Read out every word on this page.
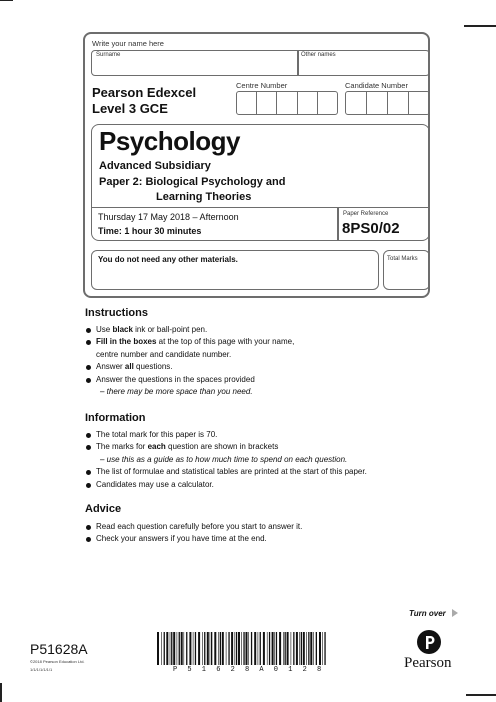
Write your name here
Surname	Other names
Pearson Edexcel
Level 3 GCE
Centre Number	Candidate Number
Psychology
Advanced Subsidiary
Paper 2: Biological Psychology and
Learning Theories
Thursday 17 May 2018 – Afternoon
Time: 1 hour 30 minutes
Paper Reference
8PS0/02
You do not need any other materials.	Total Marks
Instructions
Use black ink or ball-point pen.
Fill in the boxes at the top of this page with your name,
centre number and candidate number.
Answer all questions.
Answer the questions in the spaces provided
– there may be more space than you need.
Information
The total mark for this paper is 70.
The marks for each question are shown in brackets
– use this as a guide as to how much time to spend on each question.
The list of formulae and statistical tables are printed at the start of this paper.
Candidates may use a calculator.
Advice
Read each question carefully before you start to answer it.
Check your answers if you have time at the end.
Turn over
P51628A
©2018 Pearson Education Ltd.
1/1/1/1/1/1/1	P 5 1 6 2 8 A 0 1 2 8	Pearson
